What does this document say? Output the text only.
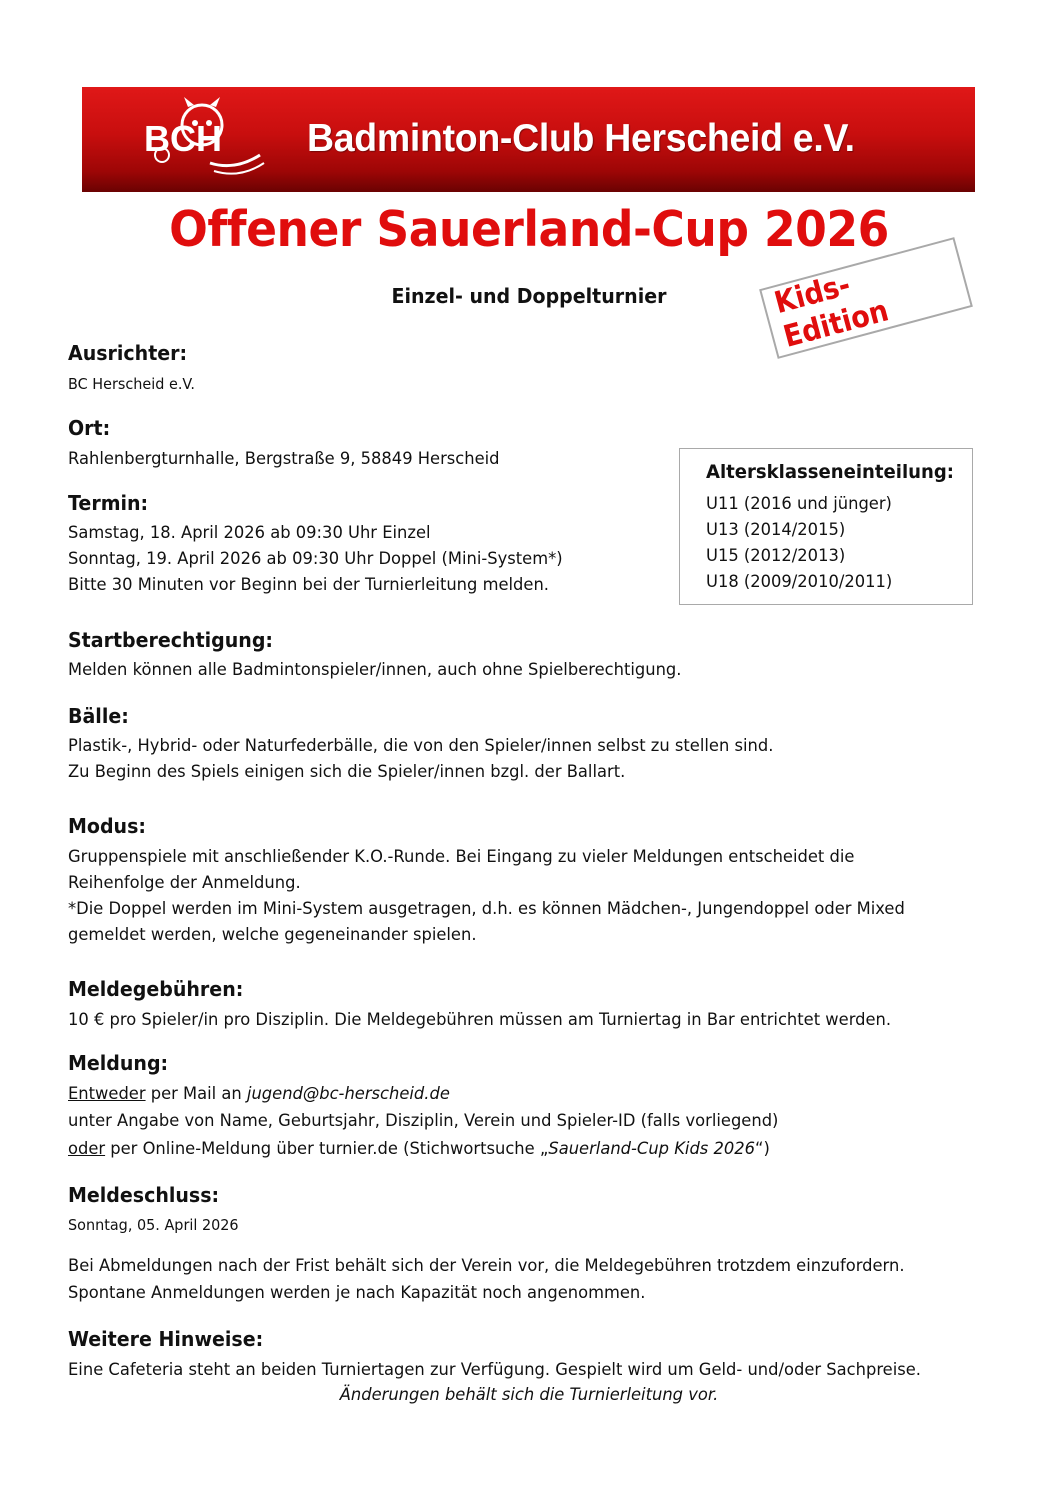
BCH Badminton-Club Herscheid e.V.
Offener Sauerland-Cup 2026
Einzel- und Doppelturnier	Kids-Edition
Ausrichter:
BC Herscheid e.V.
Ort:
Rahlenbergturnhalle, Bergstraße 9, 58849 Herscheid
Termin:
Samstag, 18. April 2026 ab 09:30 Uhr Einzel
Sonntag, 19. April 2026 ab 09:30 Uhr Doppel (Mini-System*)
Bitte 30 Minuten vor Beginn bei der Turnierleitung melden.
Altersklasseneinteilung:
U11 (2016 und jünger)
U13 (2014/2015)
U15 (2012/2013)
U18 (2009/2010/2011)
Startberechtigung:
Melden können alle Badmintonspieler/innen, auch ohne Spielberechtigung.
Bälle:
Plastik-, Hybrid- oder Naturfederbälle, die von den Spieler/innen selbst zu stellen sind.
Zu Beginn des Spiels einigen sich die Spieler/innen bzgl. der Ballart.
Modus:
Gruppenspiele mit anschließender K.O.-Runde. Bei Eingang zu vieler Meldungen entscheidet die
Reihenfolge der Anmeldung.
*Die Doppel werden im Mini-System ausgetragen, d.h. es können Mädchen-, Jungendoppel oder Mixed
gemeldet werden, welche gegeneinander spielen.
Meldegebühren:
10 € pro Spieler/in pro Disziplin. Die Meldegebühren müssen am Turniertag in Bar entrichtet werden.
Meldung:
Entweder per Mail an jugend@bc-herscheid.de
unter Angabe von Name, Geburtsjahr, Disziplin, Verein und Spieler-ID (falls vorliegend)
oder per Online-Meldung über turnier.de (Stichwortsuche „Sauerland-Cup Kids 2026“)
Meldeschluss:
Sonntag, 05. April 2026
Bei Abmeldungen nach der Frist behält sich der Verein vor, die Meldegebühren trotzdem einzufordern.
Spontane Anmeldungen werden je nach Kapazität noch angenommen.
Weitere Hinweise:
Eine Cafeteria steht an beiden Turniertagen zur Verfügung. Gespielt wird um Geld- und/oder Sachpreise.
Änderungen behält sich die Turnierleitung vor.
